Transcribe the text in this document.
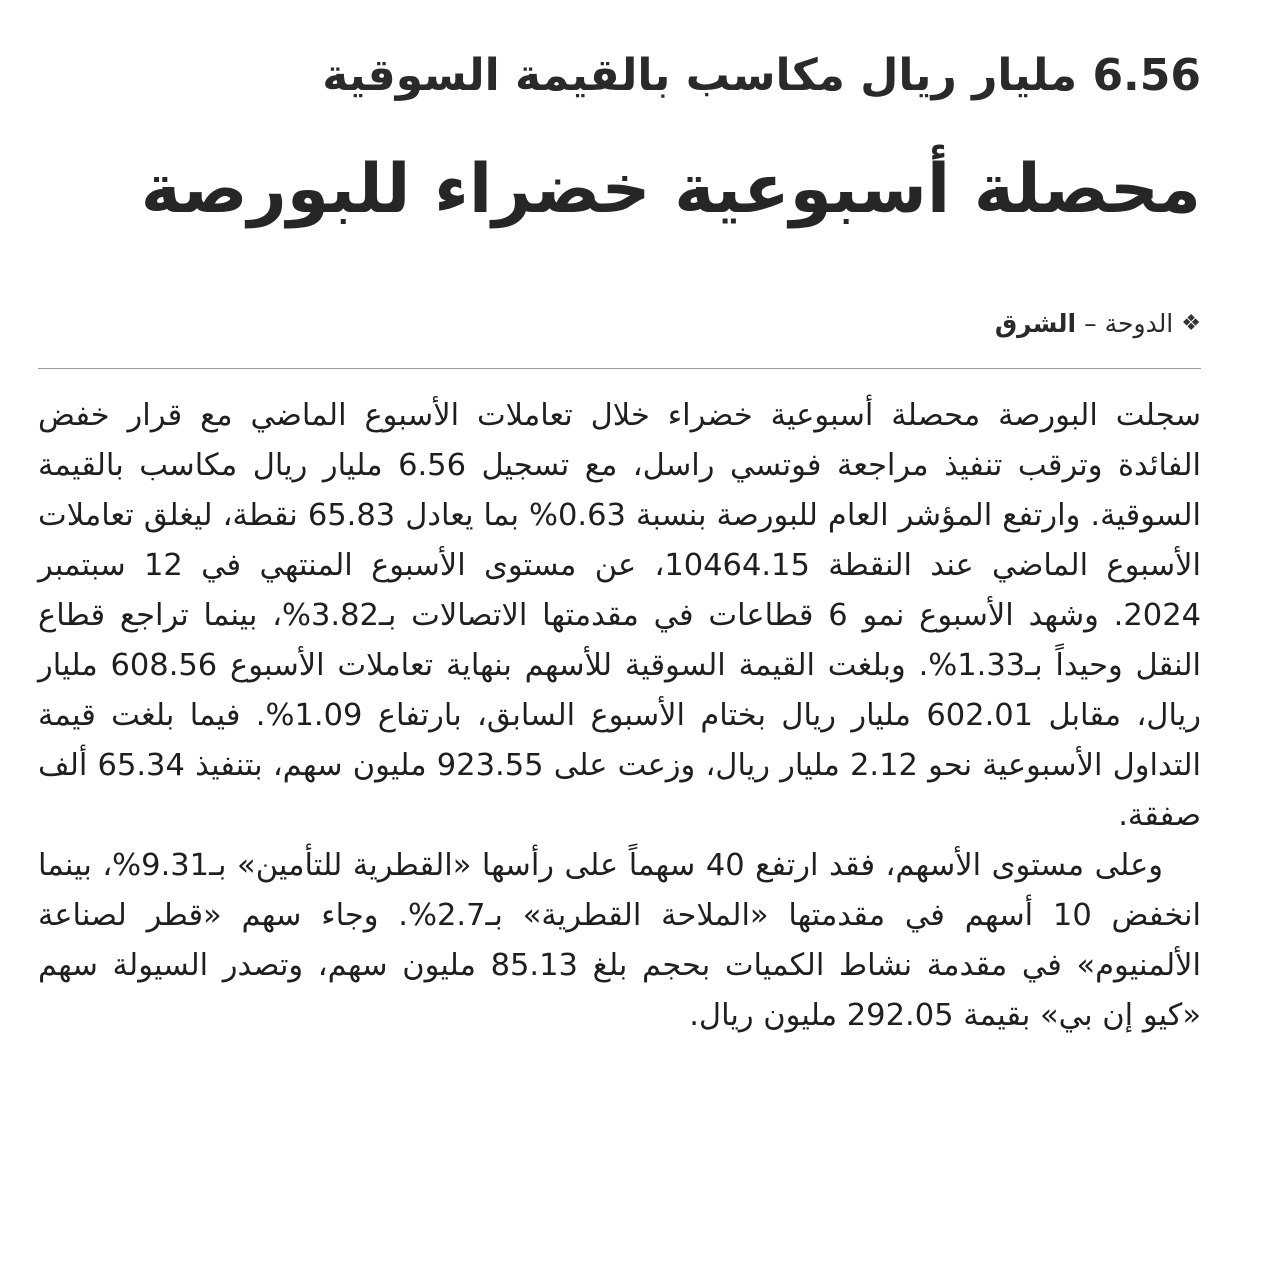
6.56 مليار ريال مكاسب بالقيمة السوقية
محصلة أسبوعية خضراء للبورصة
❖
الدوحة
–
الشرق

سجلت البورصة محصلة أسبوعية خضراء خلال تعاملات الأسبوع الماضي مع قرار خفض الفائدة وترقب تنفيذ مراجعة فوتسي راسل، مع تسجيل 6.56 مليار ريال مكاسب بالقيمة السوقية. وارتفع المؤشر العام للبورصة بنسبة 0.63% بما يعادل 65.83 نقطة، ليغلق تعاملات الأسبوع الماضي عند النقطة 10464.15، عن مستوى الأسبوع المنتهي في 12 سبتمبر 2024. وشهد الأسبوع نمو 6 قطاعات في مقدمتها الاتصالات بـ3.82%، بينما تراجع قطاع النقل وحيداً بـ1.33%. وبلغت القيمة السوقية للأسهم بنهاية تعاملات الأسبوع 608.56 مليار ريال، مقابل 602.01 مليار ريال بختام الأسبوع السابق، بارتفاع 1.09%. فيما بلغت قيمة التداول الأسبوعية نحو 2.12 مليار ريال، وزعت على 923.55 مليون سهم، بتنفيذ 65.34 ألف صفقة.

وعلى مستوى الأسهم، فقد ارتفع 40 سهماً على رأسها «القطرية للتأمين» بـ9.31%، بينما انخفض 10 أسهم في مقدمتها «الملاحة القطرية» بـ2.7%. وجاء سهم «قطر لصناعة الألمنيوم» في مقدمة نشاط الكميات بحجم بلغ 85.13 مليون سهم، وتصدر السيولة سهم «كيو إن بي» بقيمة 292.05 مليون ريال.
